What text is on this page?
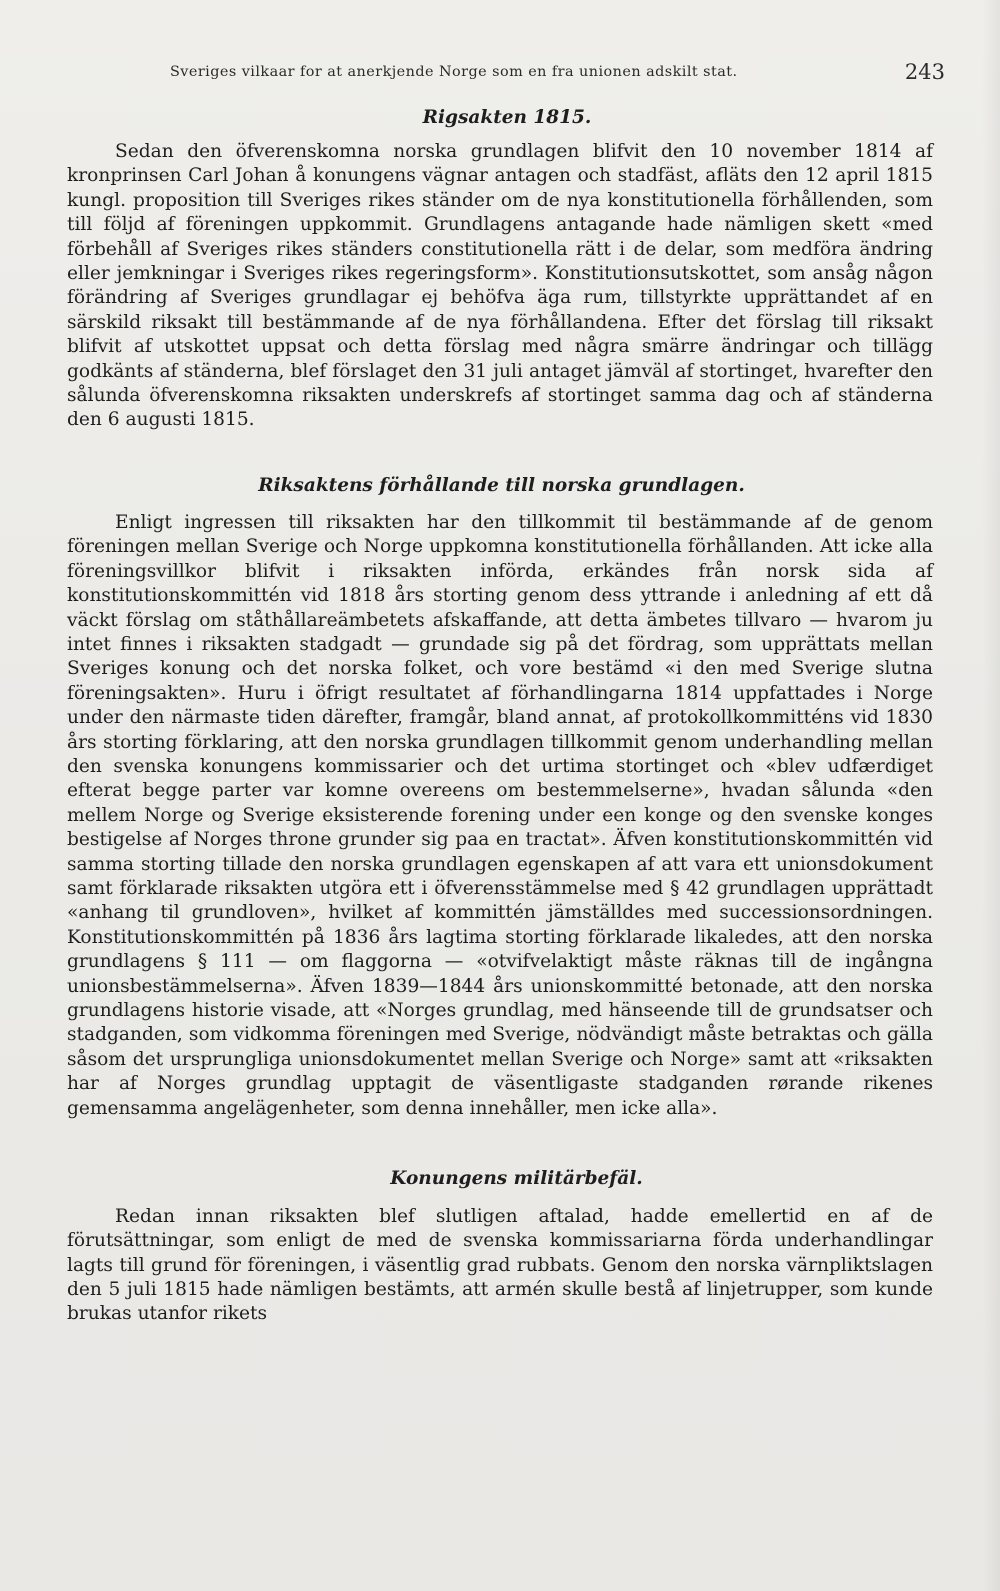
Sveriges vilkaar for at anerkjende Norge som en fra unionen adskilt stat.	243
Rigsakten 1815.

Sedan den öfverenskomna norska grundlagen blifvit den 10 november 1814 af kronprinsen Carl Johan å konungens vägnar antagen och stadfäst, afläts den 12 april 1815 kungl. proposition till Sveriges rikes ständer om de nya konstitutionella förhållenden, som till följd af föreningen uppkommit. Grundlagens antagande hade nämligen skett «med förbehåll af Sveriges rikes ständers constitutionella rätt i de delar, som medföra ändring eller jemkningar i Sveriges rikes regeringsform». Konstitutionsutskottet, som ansåg någon förändring af Sveriges grundlagar ej behöfva äga rum, tillstyrkte upprättandet af en särskild riksakt till bestämmande af de nya förhållandena. Efter det förslag till riksakt blifvit af utskottet uppsat och detta förslag med några smärre ändringar och tillägg godkänts af ständerna, blef förslaget den 31 juli antaget jämväl af stortinget, hvarefter den sålunda öfverenskomna riksakten underskrefs af stortinget samma dag och af ständerna den 6 augusti 1815.

Riksaktens förhållande till norska grundlagen.

Enligt ingressen till riksakten har den tillkommit til bestämmande af de genom föreningen mellan Sverige och Norge uppkomna konstitutionella förhållanden. Att icke alla föreningsvillkor blifvit i riksakten införda, erkändes från norsk sida af konstitutionskommittén vid 1818 års storting genom dess yttrande i anledning af ett då väckt förslag om ståthållareämbetets afskaffande, att detta ämbetes tillvaro — hvarom ju intet finnes i riksakten stadgadt — grundade sig på det fördrag, som upprättats mellan Sveriges konung och det norska folket, och vore bestämd «i den med Sverige slutna föreningsakten». Huru i öfrigt resultatet af förhandlingarna 1814 uppfattades i Norge under den närmaste tiden därefter, framgår, bland annat, af protokollkommitténs vid 1830 års storting förklaring, att den norska grundlagen tillkommit genom underhandling mellan den svenska konungens kommissarier och det urtima stortinget och «blev udfærdiget efterat begge parter var komne overeens om bestemmelserne», hvadan sålunda «den mellem Norge og Sverige eksisterende forening under een konge og den svenske konges bestigelse af Norges throne grunder sig paa en tractat». Äfven konstitutionskommittén vid samma storting tillade den norska grundlagen egenskapen af att vara ett unionsdokument samt förklarade riksakten utgöra ett i öfverensstämmelse med § 42 grundlagen upprättadt «anhang til grundloven», hvilket af kommittén jämställdes med successionsordningen. Konstitutionskommittén på 1836 års lagtima storting förklarade likaledes, att den norska grundlagens § 111 — om flaggorna — «otvifvelaktigt måste räknas till de ingångna unionsbestämmelserna». Äfven 1839—1844 års unionskommitté betonade, att den norska grundlagens historie visade, att «Norges grundlag, med hänseende till de grundsatser och stadganden, som vidkomma föreningen med Sverige, nödvändigt måste betraktas och gälla såsom det ursprungliga unionsdokumentet mellan Sverige och Norge» samt att «riksakten har af Norges grundlag upptagit de väsentligaste stadganden rørande rikenes gemensamma angelägenheter, som denna innehåller, men icke alla».

Konungens militärbefäl.

Redan innan riksakten blef slutligen aftalad, hadde emellertid en af de förutsättningar, som enligt de med de svenska kommissariarna förda underhandlingar lagts till grund för föreningen, i väsentlig grad rubbats. Genom den norska värnpliktslagen den 5 juli 1815 hade nämligen bestämts, att armén skulle bestå af linjetrupper, som kunde brukas utanfor rikets
